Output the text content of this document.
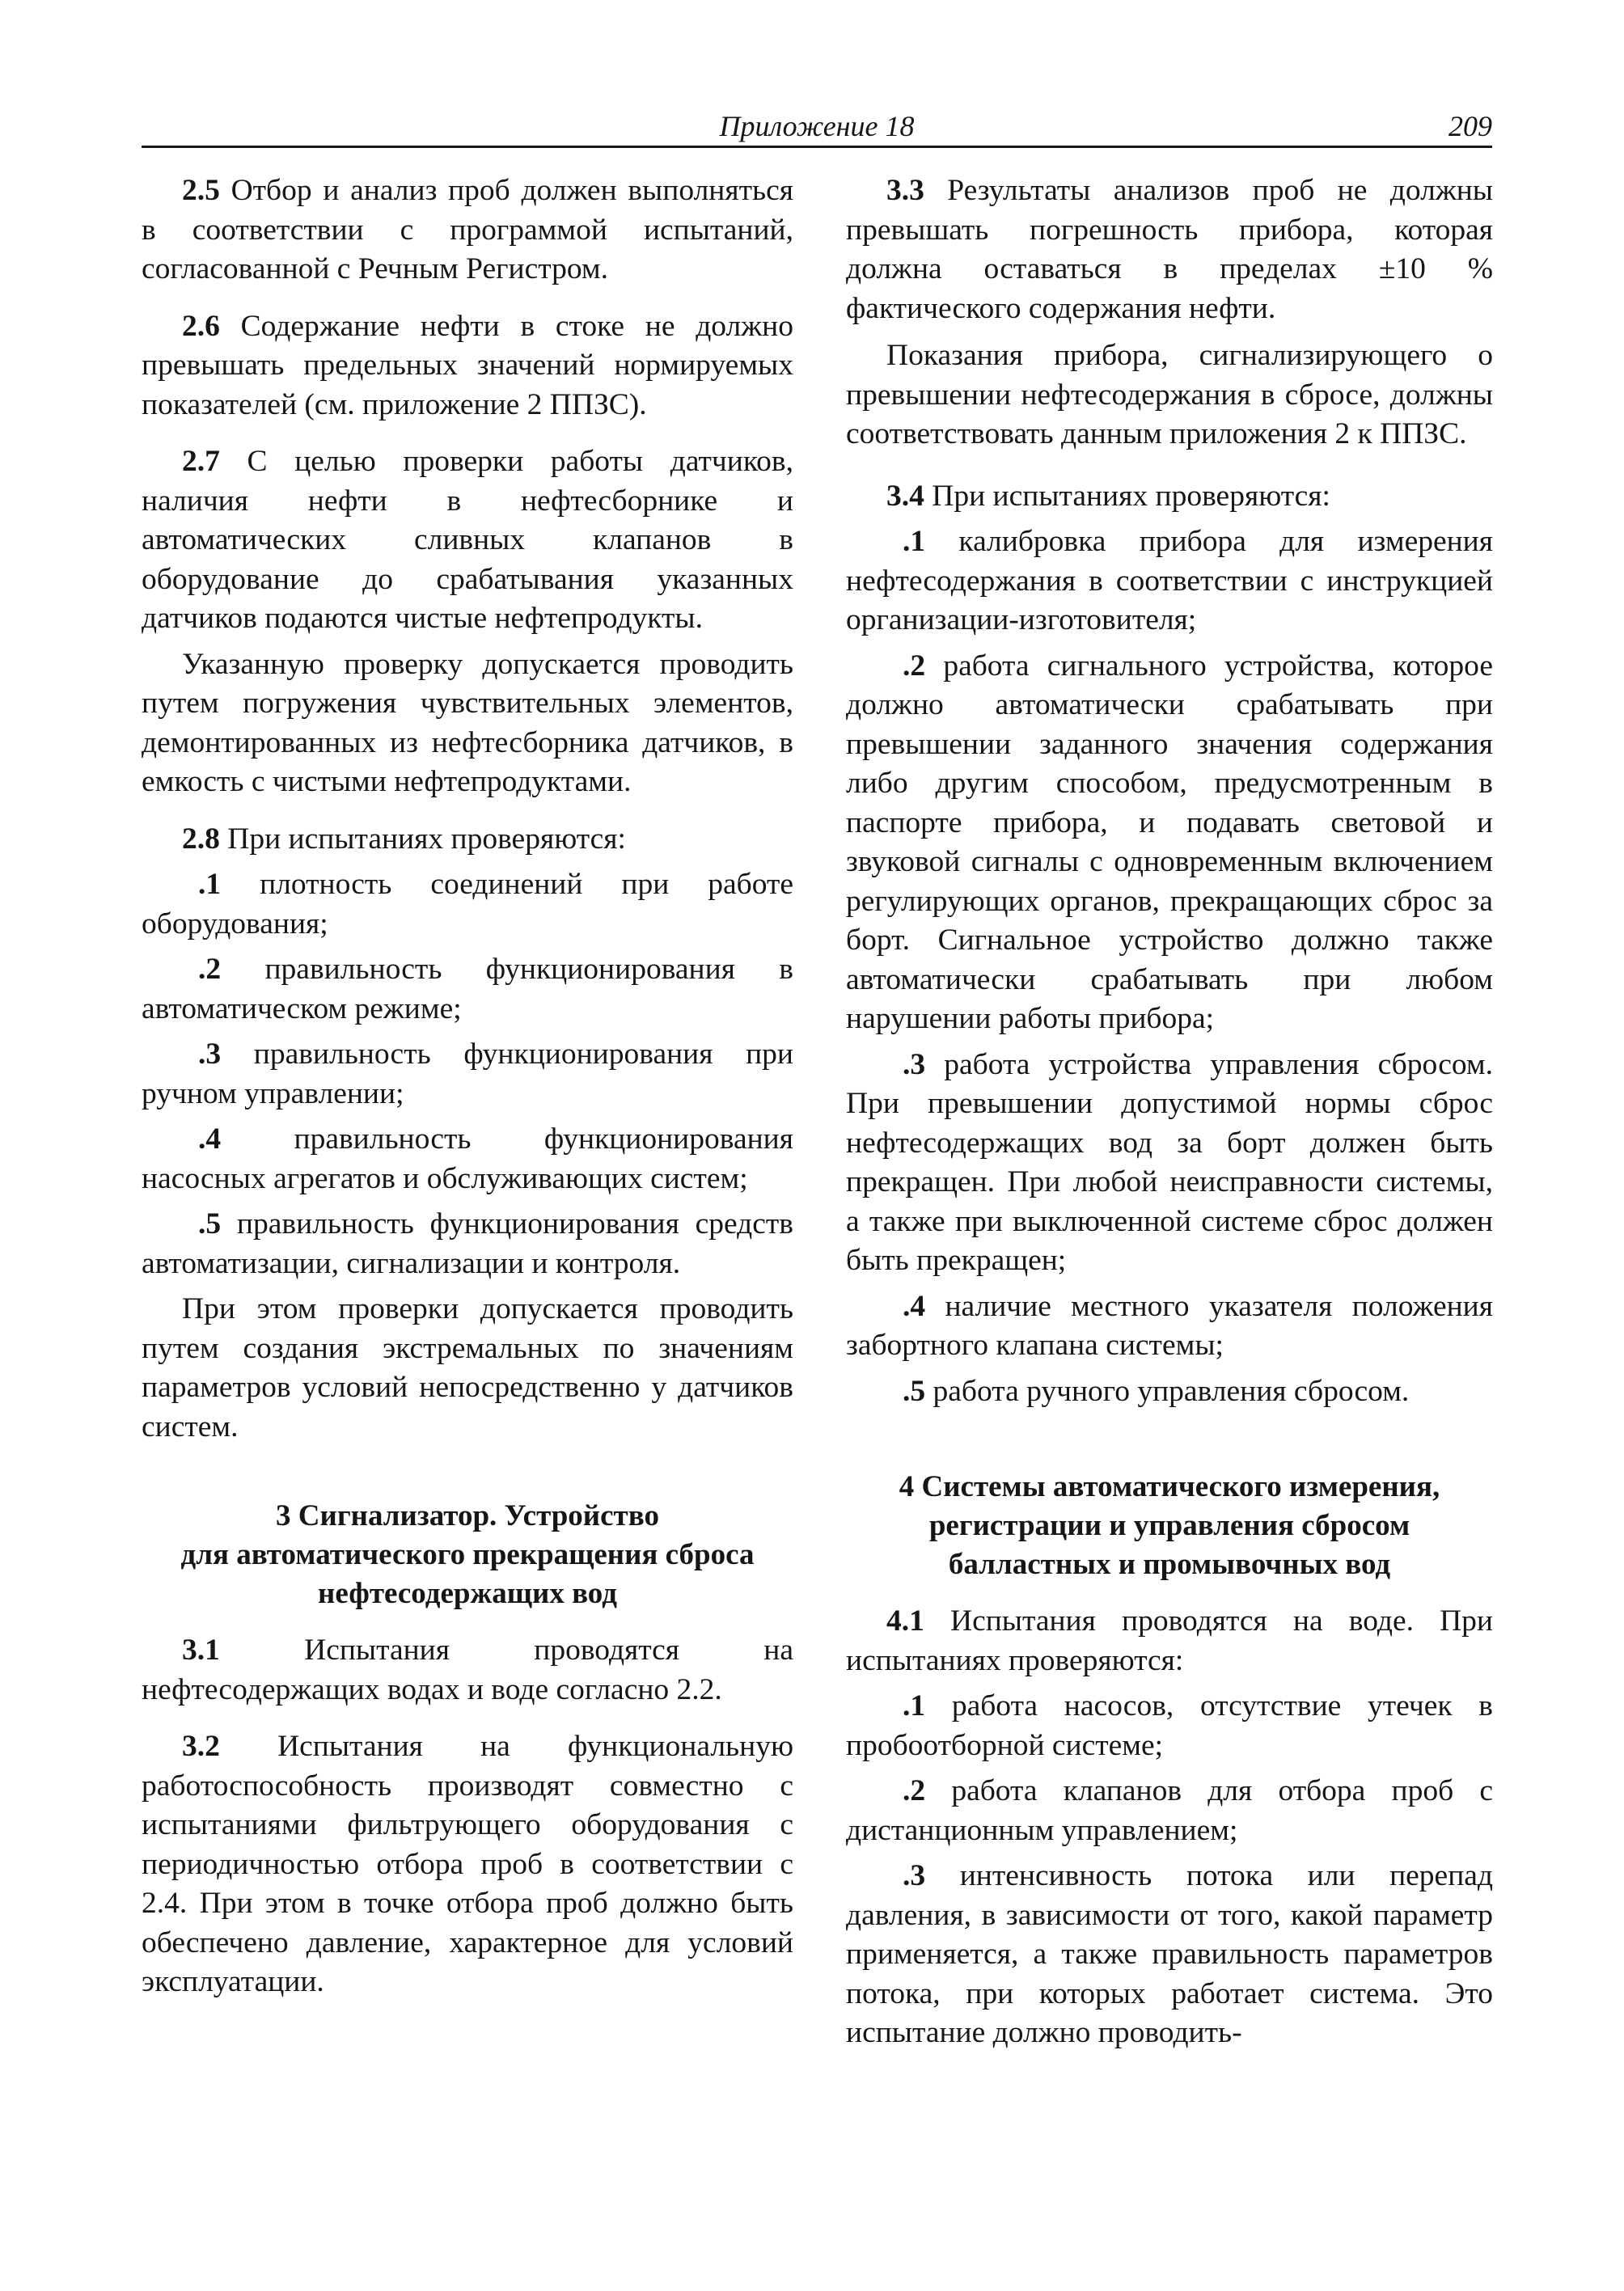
Приложение 18	209

2.5 Отбор и анализ проб должен выполняться в соответствии с программой испытаний, согласованной с Речным Регистром.

2.6 Содержание нефти в стоке не должно превышать предельных значений нормируемых показателей (см. приложение 2 ППЗС).

2.7 С целью проверки работы датчиков, наличия нефти в нефтесборнике и автоматических сливных клапанов в оборудование до срабатывания указанных датчиков подаются чистые нефтепродукты.

Указанную проверку допускается проводить путем погружения чувствительных элементов, демонтированных из нефтесборника датчиков, в емкость с чистыми нефтепродуктами.

2.8 При испытаниях проверяются:

.1 плотность соединений при работе оборудования;

.2 правильность функционирования в автоматическом режиме;

.3 правильность функционирования при ручном управлении;

.4 правильность функционирования насосных агрегатов и обслуживающих систем;

.5 правильность функционирования средств автоматизации, сигнализации и контроля.

При этом проверки допускается проводить путем создания экстремальных по значениям параметров условий непосредственно у датчиков систем.

3 Сигнализатор. Устройство
для автоматического прекращения сброса
нефтесодержащих вод

3.1 Испытания проводятся на нефтесодержащих водах и воде согласно 2.2.

3.2 Испытания на функциональную работоспособность производят совместно с испытаниями фильтрующего оборудования с периодичностью отбора проб в соответствии с 2.4. При этом в точке отбора проб должно быть обеспечено давление, характерное для условий эксплуатации.

3.3 Результаты анализов проб не должны превышать погрешность прибора, которая должна оставаться в пределах ±10 % фактического содержания нефти.

Показания прибора, сигнализирующего о превышении нефтесодержания в сбросе, должны соответствовать данным приложения 2 к ППЗС.

3.4 При испытаниях проверяются:

.1 калибровка прибора для измерения нефтесодержания в соответствии с инструкцией организации-изготовителя;

.2 работа сигнального устройства, которое должно автоматически срабатывать при превышении заданного значения содержания либо другим способом, предусмотренным в паспорте прибора, и подавать световой и звуковой сигналы с одновременным включением регулирующих органов, прекращающих сброс за борт. Сигнальное устройство должно также автоматически срабатывать при любом нарушении работы прибора;

.3 работа устройства управления сбросом. При превышении допустимой нормы сброс нефтесодержащих вод за борт должен быть прекращен. При любой неисправности системы, а также при выключенной системе сброс должен быть прекращен;

.4 наличие местного указателя положения забортного клапана системы;

.5 работа ручного управления сбросом.

4 Системы автоматического измерения,
регистрации и управления сбросом
балластных и промывочных вод

4.1 Испытания проводятся на воде. При испытаниях проверяются:

.1 работа насосов, отсутствие утечек в пробоотборной системе;

.2 работа клапанов для отбора проб с дистанционным управлением;

.3 интенсивность потока или перепад давления, в зависимости от того, какой параметр применяется, а также правильность параметров потока, при которых работает система. Это испытание должно проводить-
